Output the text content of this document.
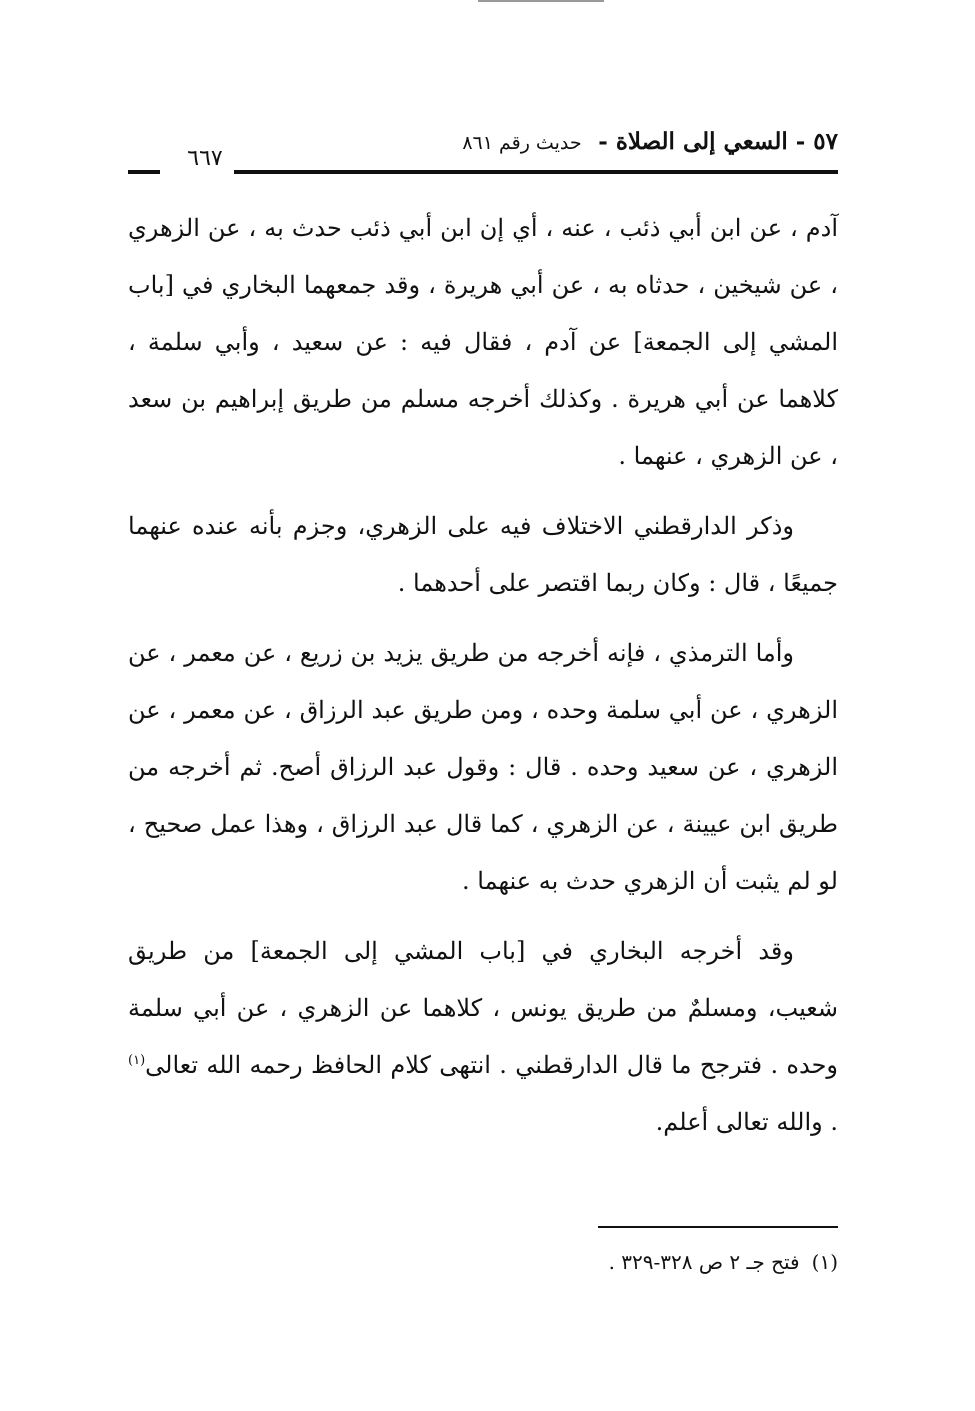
٥٧ - السعي إلى الصلاة - حديث رقم ٨٦١
٦٦٧

آدم ، عن ابن أبي ذئب ، عنه ، أي إن ابن أبي ذئب حدث به ، عن الزهري ، عن شيخين ، حدثاه به ، عن أبي هريرة ، وقد جمعهما البخاري في [باب المشي إلى الجمعة] عن آدم ، فقال فيه : عن سعيد ، وأبي سلمة ، كلاهما عن أبي هريرة . وكذلك أخرجه مسلم من طريق إبراهيم بن سعد ، عن الزهري ، عنهما .

وذكر الدارقطني الاختلاف فيه على الزهري، وجزم بأنه عنده عنهما جميعًا ، قال : وكان ربما اقتصر على أحدهما .

وأما الترمذي ، فإنه أخرجه من طريق يزيد بن زريع ، عن معمر ، عن الزهري ، عن أبي سلمة وحده ، ومن طريق عبد الرزاق ، عن معمر ، عن الزهري ، عن سعيد وحده . قال : وقول عبد الرزاق أصح. ثم أخرجه من طريق ابن عيينة ، عن الزهري ، كما قال عبد الرزاق ، وهذا عمل صحيح ، لو لم يثبت أن الزهري حدث به عنهما .

وقد أخرجه البخاري في [باب المشي إلى الجمعة] من طريق شعيب، ومسلمٌ من طريق يونس ، كلاهما عن الزهري ، عن أبي سلمة وحده . فترجح ما قال الدارقطني . انتهى كلام الحافظ رحمه الله تعالى$^{(١)}$ . والله تعالى أعلم.

(١)فتح جـ ٢ ص ٣٢٨-٣٢٩ .
